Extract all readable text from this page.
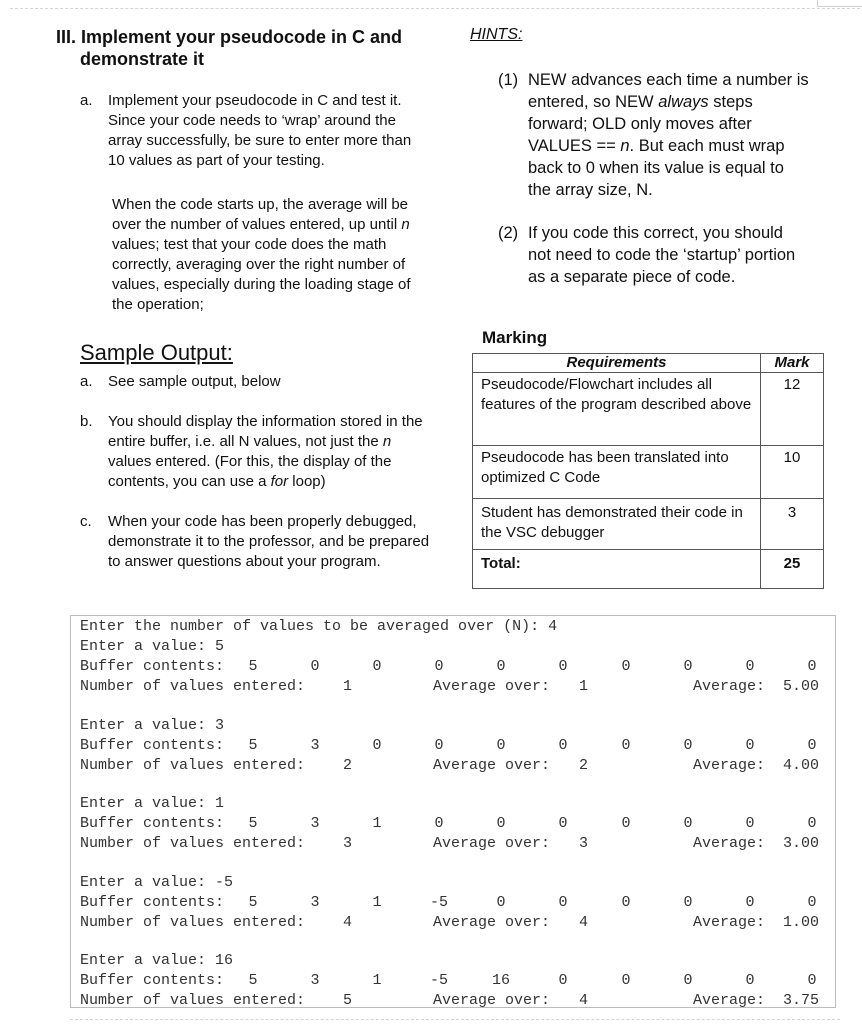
III. Implement your pseudocode in C and
demonstrate it
a. Implement your pseudocode in C and test it. Since your code needs to ‘wrap’ around the array successfully, be sure to enter more than 10 values as part of your testing.
When the code starts up, the average will be over the number of values entered, up until n values; test that your code does the math correctly, averaging over the right number of values, especially during the loading stage of the operation;
Sample Output:
a. See sample output, below
b. You should display the information stored in the entire buffer, i.e. all N values, not just the n values entered. (For this, the display of the contents, you can use a for loop)
c. When your code has been properly debugged, demonstrate it to the professor, and be prepared to answer questions about your program.
HINTS:
(1) NEW advances each time a number is entered, so NEW always steps forward; OLD only moves after VALUES == n. But each must wrap back to 0 when its value is equal to the array size, N.
(2) If you code this correct, you should not need to code the ‘startup’ portion as a separate piece of code.
Marking
Requirements	Mark
Pseudocode/Flowchart includes all features of the program described above	12
Pseudocode has been translated into optimized C Code	10
Student has demonstrated their code in the VSC debugger	3
Total:	25
Enter the number of values to be averaged over (N): 4
Enter a value: 5
Buffer contents:	5	0	0	0	0	0	0	0	0	0
Number of values entered:	1	Average over: 1	Average: 5.00
Enter a value: 3
Buffer contents:	5	3	0	0	0	0	0	0	0	0
Number of values entered:	2	Average over: 2	Average: 4.00
Enter a value: 1
Buffer contents:	5	3	1	0	0	0	0	0	0	0
Number of values entered:	3	Average over: 3	Average: 3.00
Enter a value: -5
Buffer contents:	5	3	1	-5	0	0	0	0	0	0
Number of values entered:	4	Average over: 4	Average: 1.00
Enter a value: 16
Buffer contents:	5	3	1	-5	16	0	0	0	0	0
Number of values entered:	5	Average over: 4	Average: 3.75
